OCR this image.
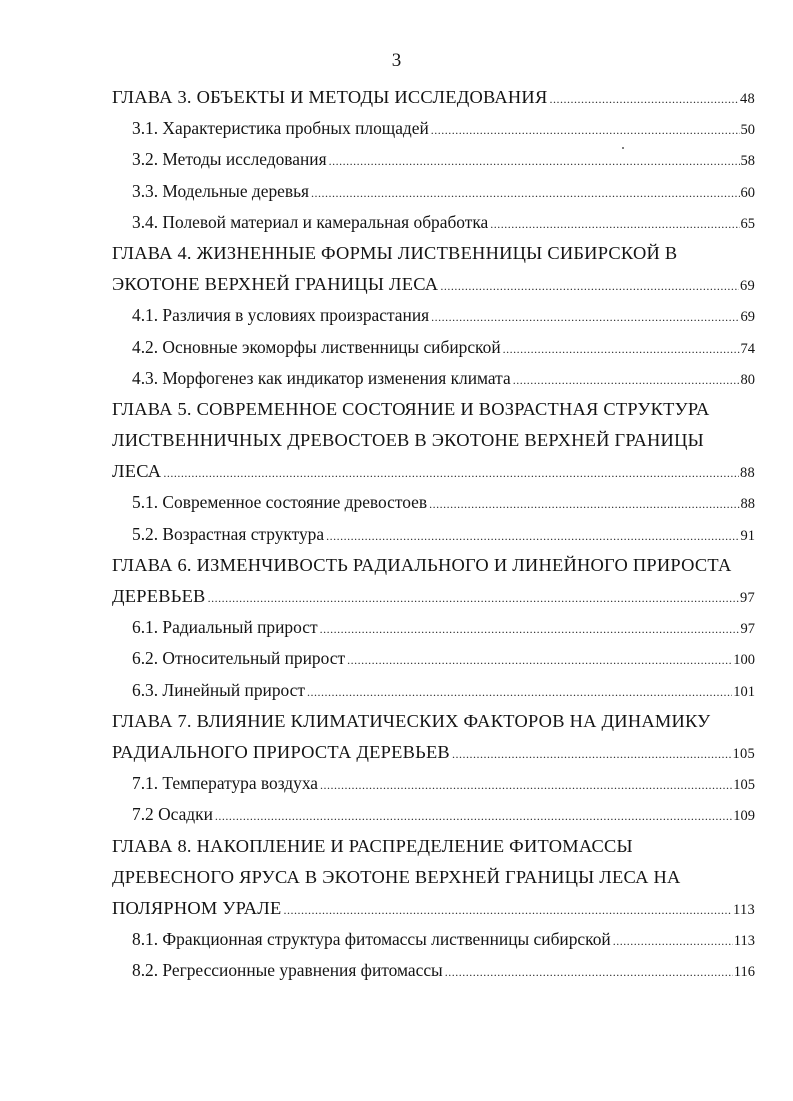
3
ГЛАВА 3. ОБЪЕКТЫ И МЕТОДЫ ИССЛЕДОВАНИЯ .....	48
3.1. Характеристика пробных площадей .....	50
3.2. Методы исследования .....	58
3.3. Модельные деревья .....	60
3.4. Полевой материал и камеральная обработка .....	65
ГЛАВА 4. ЖИЗНЕННЫЕ ФОРМЫ ЛИСТВЕННИЦЫ СИБИРСКОЙ В
ЭКОТОНЕ ВЕРХНЕЙ ГРАНИЦЫ ЛЕСА .....	69
4.1. Различия в условиях произрастания .....	69
4.2. Основные экоморфы лиственницы сибирской .....	74
4.3. Морфогенез как индикатор изменения климата .....	80
ГЛАВА 5. СОВРЕМЕННОЕ СОСТОЯНИЕ И ВОЗРАСТНАЯ СТРУКТУРА
ЛИСТВЕННИЧНЫХ ДРЕВОСТОЕВ В ЭКОТОНЕ ВЕРХНЕЙ ГРАНИЦЫ
ЛЕСА .....	88
5.1. Современное состояние древостоев .....	88
5.2. Возрастная структура .....	91
ГЛАВА 6. ИЗМЕНЧИВОСТЬ РАДИАЛЬНОГО И ЛИНЕЙНОГО ПРИРОСТА
ДЕРЕВЬЕВ .....	97
6.1. Радиальный прирост .....	97
6.2. Относительный прирост .....	100
6.3. Линейный прирост .....	101
ГЛАВА 7. ВЛИЯНИЕ КЛИМАТИЧЕСКИХ ФАКТОРОВ НА ДИНАМИКУ
РАДИАЛЬНОГО ПРИРОСТА ДЕРЕВЬЕВ .....	105
7.1. Температура воздуха .....	105
7.2 Осадки .....	109
ГЛАВА 8. НАКОПЛЕНИЕ И РАСПРЕДЕЛЕНИЕ ФИТОМАССЫ
ДРЕВЕСНОГО ЯРУСА В ЭКОТОНЕ ВЕРХНЕЙ ГРАНИЦЫ ЛЕСА НА
ПОЛЯРНОМ УРАЛЕ .....	113
8.1. Фракционная структура фитомассы лиственницы сибирской .....	113
8.2. Регрессионные уравнения фитомассы .....	116
